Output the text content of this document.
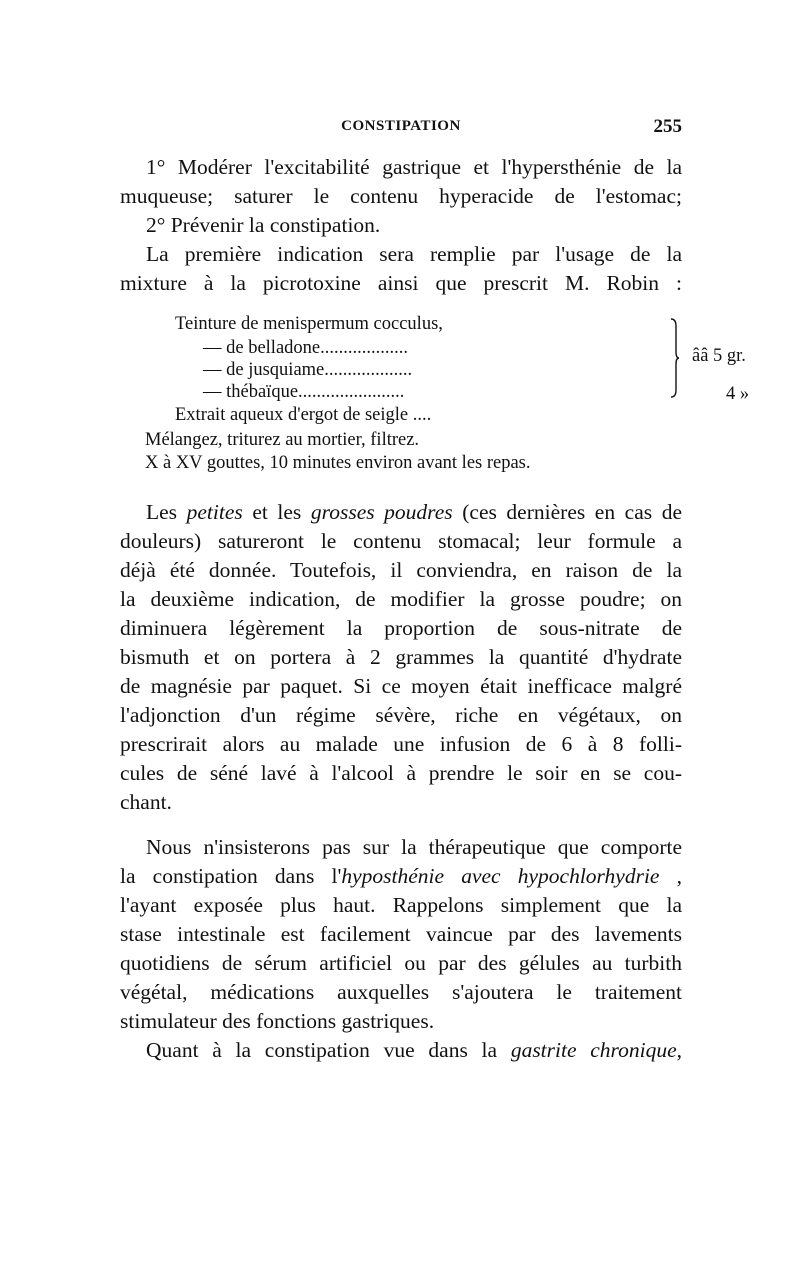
CONSTIPATION	255
1° Modérer l'excitabilité gastrique et l'hypersthénie de la
muqueuse; saturer le contenu hyperacide de l'estomac;
2° Prévenir la constipation.
La première indication sera remplie par l'usage de la
mixture à la picrotoxine ainsi que prescrit M. Robin :
Teinture de menispermum cocculus,
— de belladone...................
— de jusquiame...................
— thébaïque.......................
Extrait aqueux d'ergot de seigle ....
ââ 5 gr.
4 »
Mélangez, triturez au mortier, filtrez.
X à XV gouttes, 10 minutes environ avant les repas.
Les petites et les grosses poudres (ces dernières en cas de
douleurs) satureront le contenu stomacal; leur formule a
déjà été donnée. Toutefois, il conviendra, en raison de la
la deuxième indication, de modifier la grosse poudre; on
diminuera légèrement la proportion de sous-nitrate de
bismuth et on portera à 2 grammes la quantité d'hydrate
de magnésie par paquet. Si ce moyen était inefficace malgré
l'adjonction d'un régime sévère, riche en végétaux, on
prescrirait alors au malade une infusion de 6 à 8 folli-
cules de séné lavé à l'alcool à prendre le soir en se cou-
chant.
Nous n'insisterons pas sur la thérapeutique que comporte
la constipation dans l'hyposthénie avec hypochlorhydrie ,
l'ayant exposée plus haut. Rappelons simplement que la
stase intestinale est facilement vaincue par des lavements
quotidiens de sérum artificiel ou par des gélules au turbith
végétal, médications auxquelles s'ajoutera le traitement
stimulateur des fonctions gastriques.
Quant à la constipation vue dans la gastrite chronique,
